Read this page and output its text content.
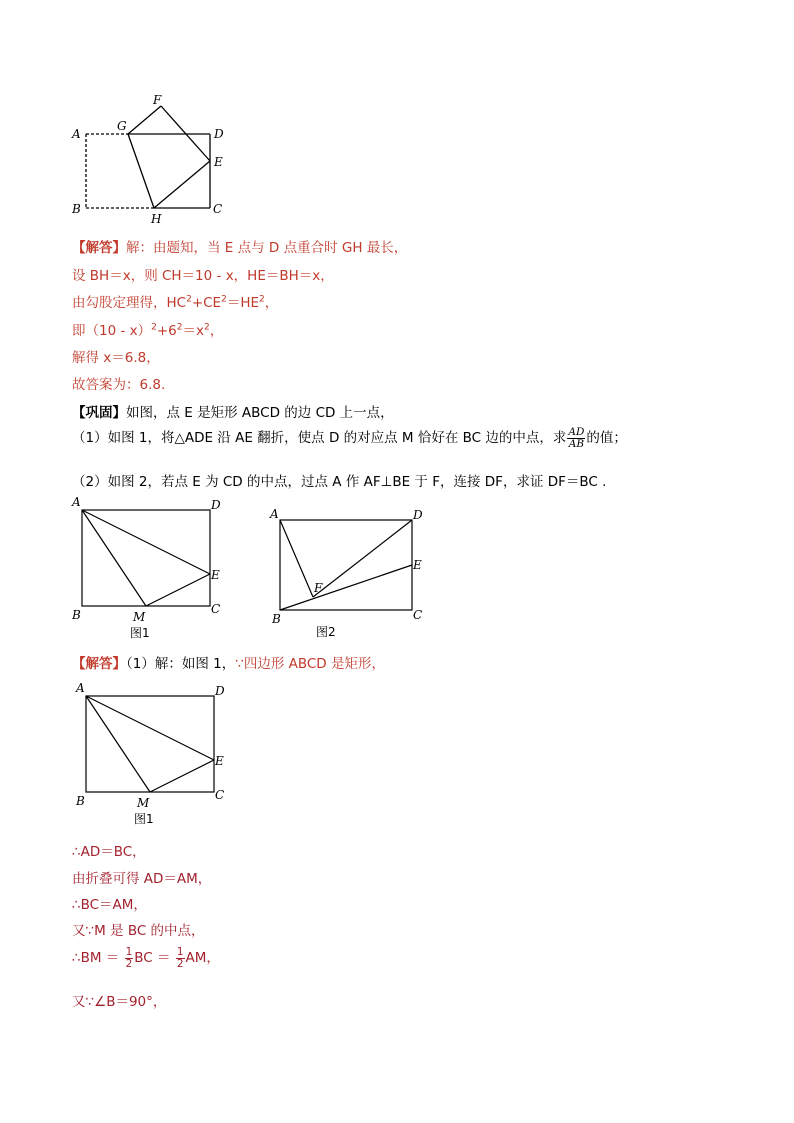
A
B	C
D
E
F
G
H
【解答】解：由题知，当 E 点与 D 点重合时 GH 最长，
设 BH＝x，则 CH＝10 - x，HE＝BH＝x，
由勾股定理得，$HC^2+CE^2=HE^2$，
即$(10 - x)^2+6^2=x^2$，
解得 x＝6.8，
故答案为：6.8.
【巩固】如图，点 E 是矩形 ABCD 的边 CD 上一点，
（1）如图 1，将△ADE 沿 AE 翻折，使点 D 的对应点 M 恰好在 BC 边的中点，求 $\frac{AD}{AB}$ 的值；
（2）如图 2，若点 E 为 CD 的中点，过点 A 作 AF⊥BE 于 F，连接 DF，求证 DF＝BC .
A
B	C
D
E
M
图1
A
B	C
D
E
F
图2
【解答】（1）解：如图 1，∵四边形 ABCD 是矩形，
A
B	C
D
E
M
图1
∴AD＝BC，
由折叠可得 AD＝AM，
∴BC＝AM，
又∵M 是 BC 的中点，
∴BM ＝ $\frac{1}{2}$ BC ＝ $\frac{1}{2}$ AM，
又∵∠B＝90°，
